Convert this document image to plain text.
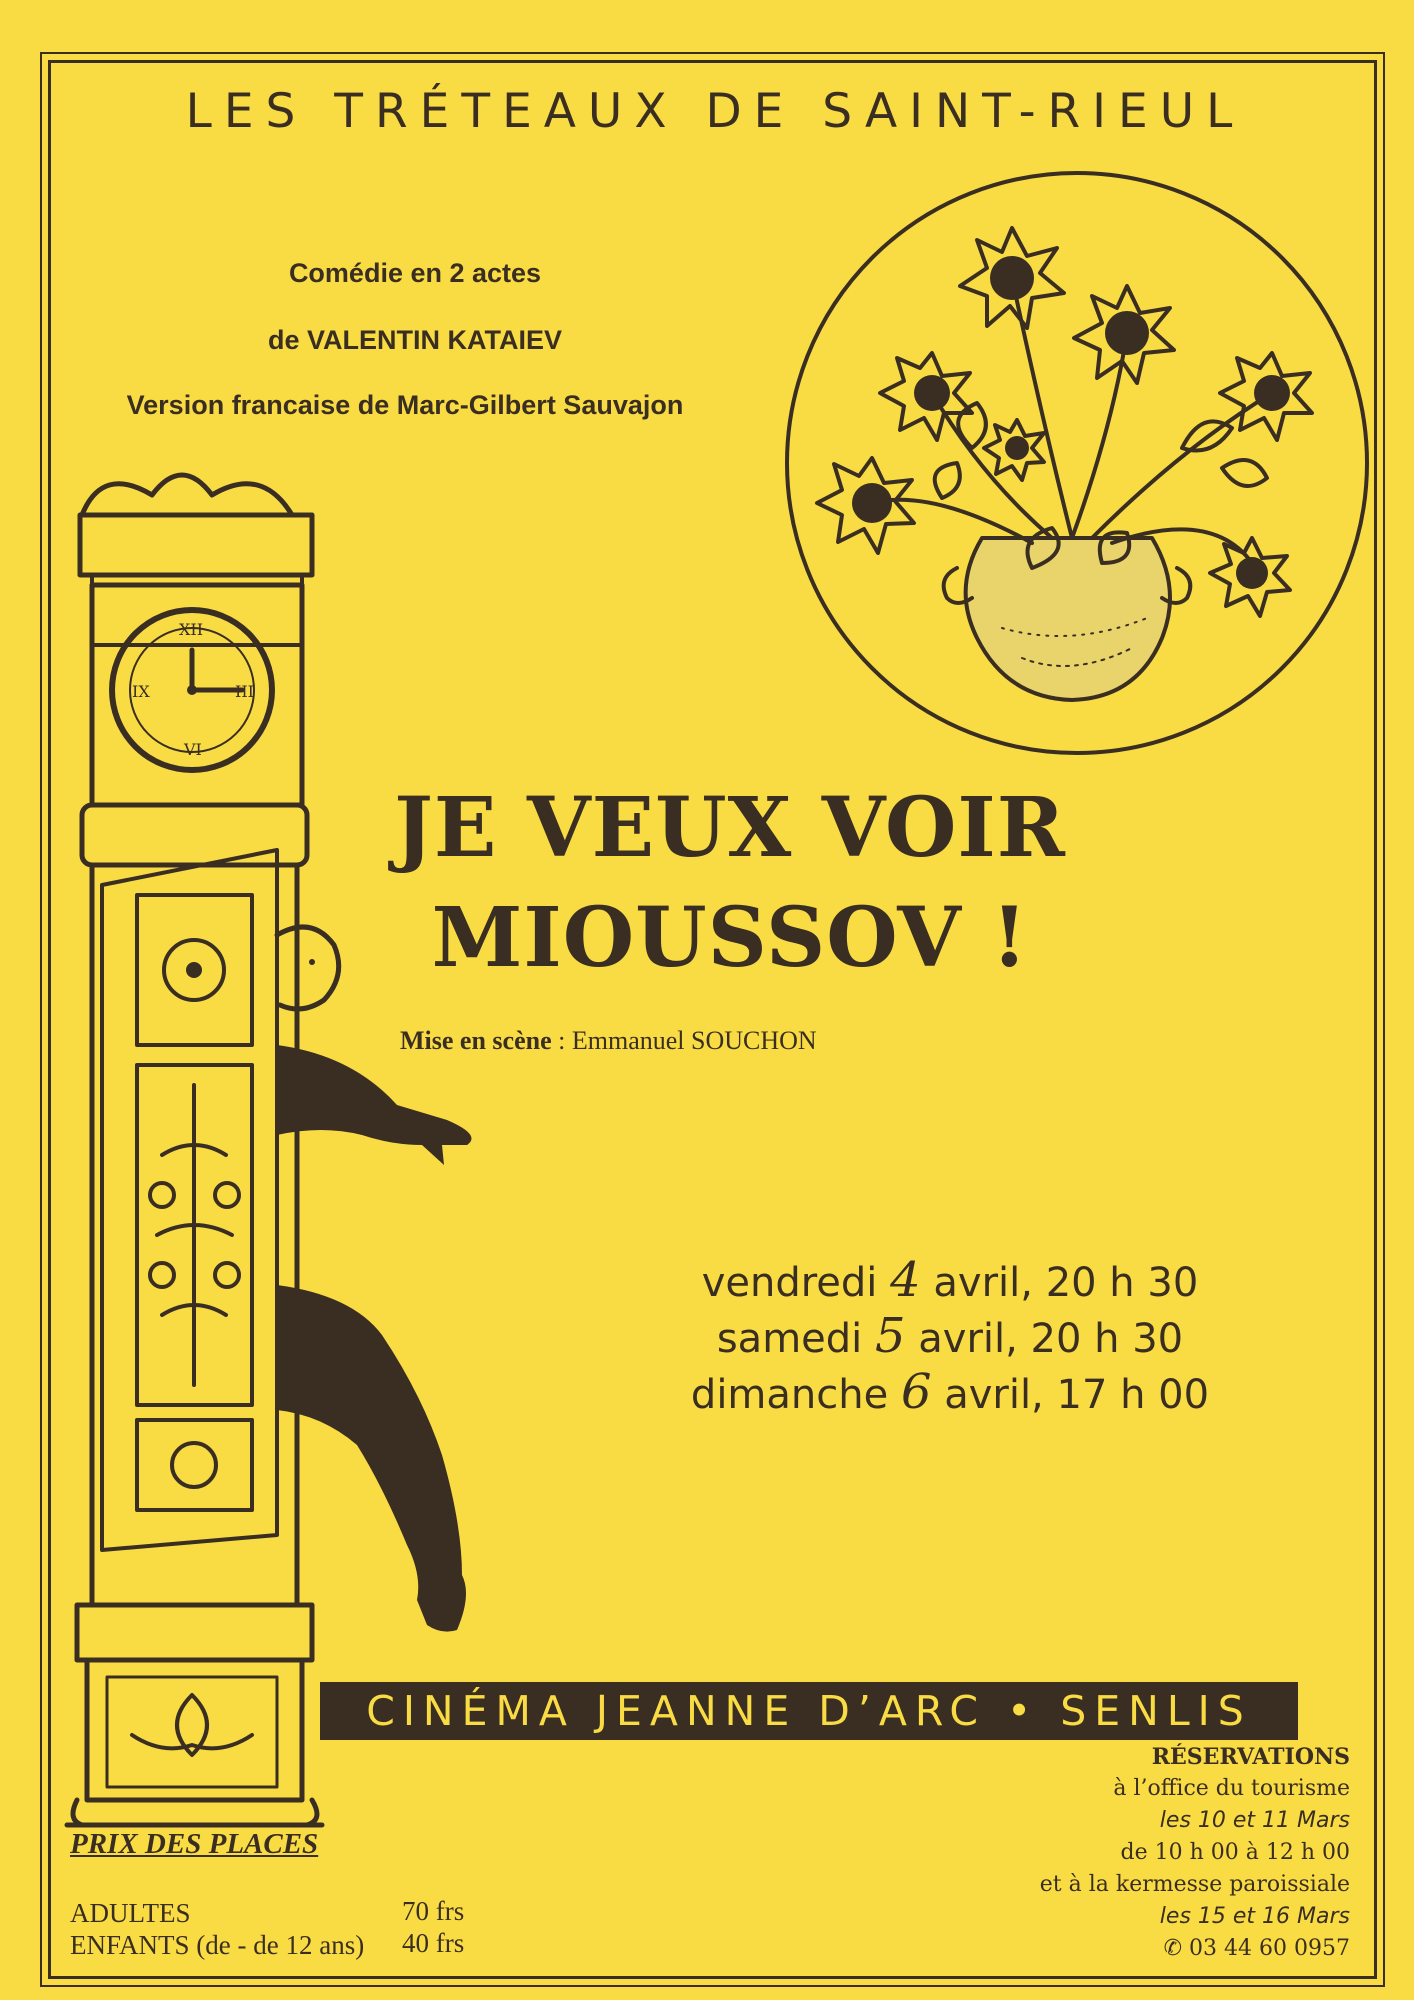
LES TRÉTEAUX DE SAINT-RIEUL
Comédie en 2 actes
de VALENTIN KATAIEV
Version francaise de Marc-Gilbert Sauvajon
XII
III
VI
IX
JE VEUX VOIR
MIOUSSOV !
Mise en scène : Emmanuel SOUCHON
vendredi 4 avril, 20 h 30
samedi 5 avril, 20 h 30
dimanche 6 avril, 17 h 00
CINÉMA JEANNE D’ARC • SENLIS
RÉSERVATIONS
à l’office du tourisme
les 10 et 11 Mars
de 10 h 00 à 12 h 00
et à la kermesse paroissiale
les 15 et 16 Mars
✆ 03 44 60 0957
PRIX DES PLACES
ADULTES	70 frs
ENFANTS (de - de 12 ans) 40 frs
